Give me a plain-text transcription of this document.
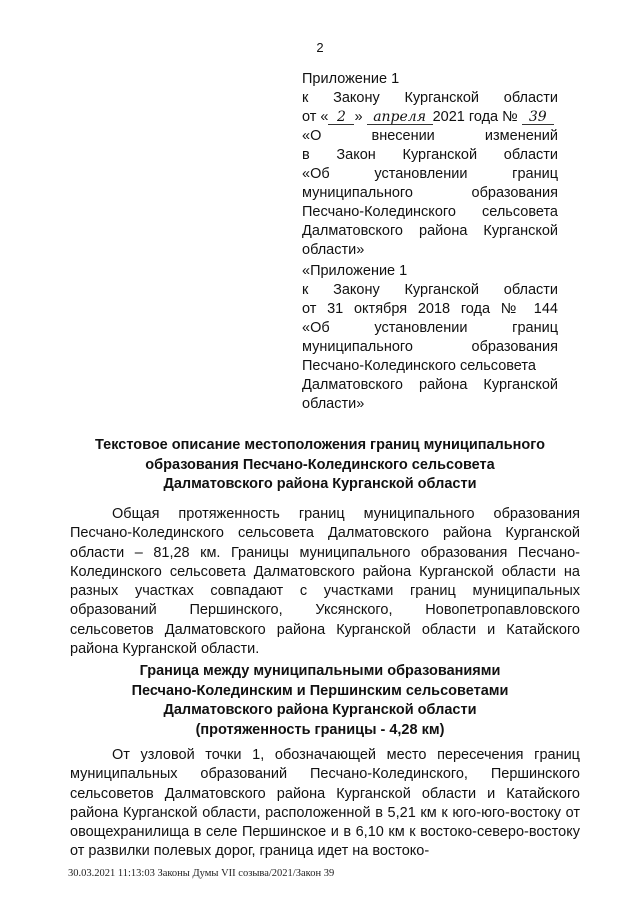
2
Приложение 1
к Закону Курганской области
от « 2 » апреля 2021 года № 39
«О внесении изменений
в Закон Курганской области
«Об установлении границ
муниципального образования
Песчано-Колединского сельсовета
Далматовского района Курганской
области»
«Приложение 1
к Закону Курганской области
от 31 октября 2018 года № 144
«Об установлении границ
муниципального образования
Песчано-Колединского сельсовета
Далматовского района Курганской
области»
Текстовое описание местоположения границ муниципального
образования Песчано-Колединского сельсовета
Далматовского района Курганской области

Общая протяженность границ муниципального образования Песчано-Колединского сельсовета Далматовского района Курганской области – 81,28 км. Границы муниципального образования Песчано-Колединского сельсовета Далматовского района Курганской области на разных участках совпадают с участками границ муниципальных образований Першинского, Уксянского, Новопетропавловского сельсоветов Далматовского района Курганской области и Катайского района Курганской области.

Граница между муниципальными образованиями
Песчано-Колединским и Першинским сельсоветами
Далматовского района Курганской области
(протяженность границы - 4,28 км)

От узловой точки 1, обозначающей место пересечения границ муниципальных образований Песчано-Колединского, Першинского сельсоветов Далматовского района Курганской области и Катайского района Курганской области, расположенной в 5,21 км к юго-юго-востоку от овощехранилища в селе Першинское и в 6,10 км к востоко-северо-востоку от развилки полевых дорог, граница идет на востоко-

30.03.2021 11:13:03 Законы Думы VII созыва/2021/Закон 39
